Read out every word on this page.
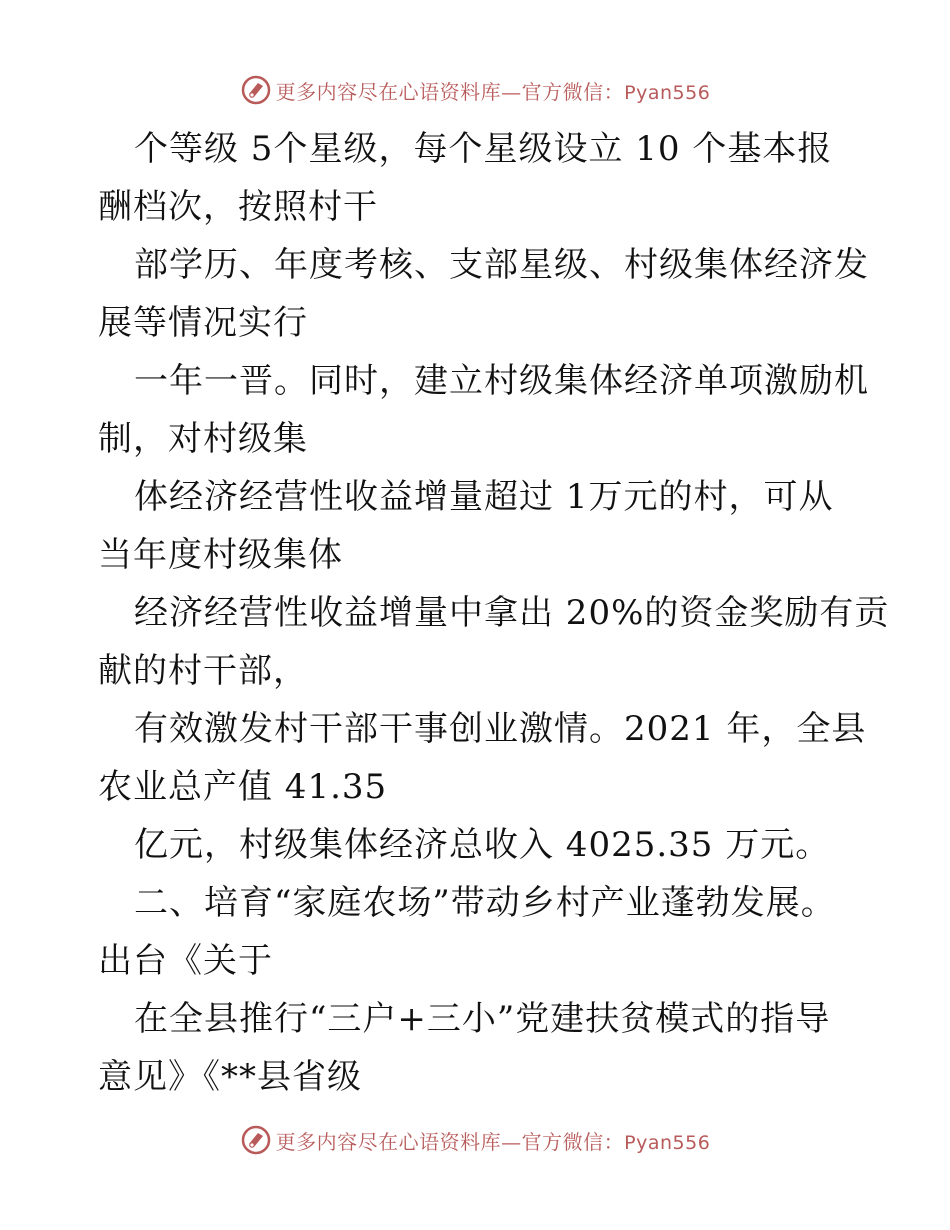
更多内容尽在心语资料库—官方微信：Pyan556
个等级 5个星级，每个星级设立 10 个基本报
酬档次，按照村干
部学历、年度考核、支部星级、村级集体经济发
展等情况实行
一年一晋。同时，建立村级集体经济单项激励机
制，对村级集
体经济经营性收益增量超过 1万元的村，可从
当年度村级集体
经济经营性收益增量中拿出 20%的资金奖励有贡
献的村干部，
有效激发村干部干事创业激情。2021 年，全县
农业总产值 41.35
亿元，村级集体经济总收入 4025.35 万元。
二、培育“家庭农场”带动乡村产业蓬勃发展。
出台《关于
在全县推行“三户+三小”党建扶贫模式的指导
意见》《**县省级
更多内容尽在心语资料库—官方微信：Pyan556
